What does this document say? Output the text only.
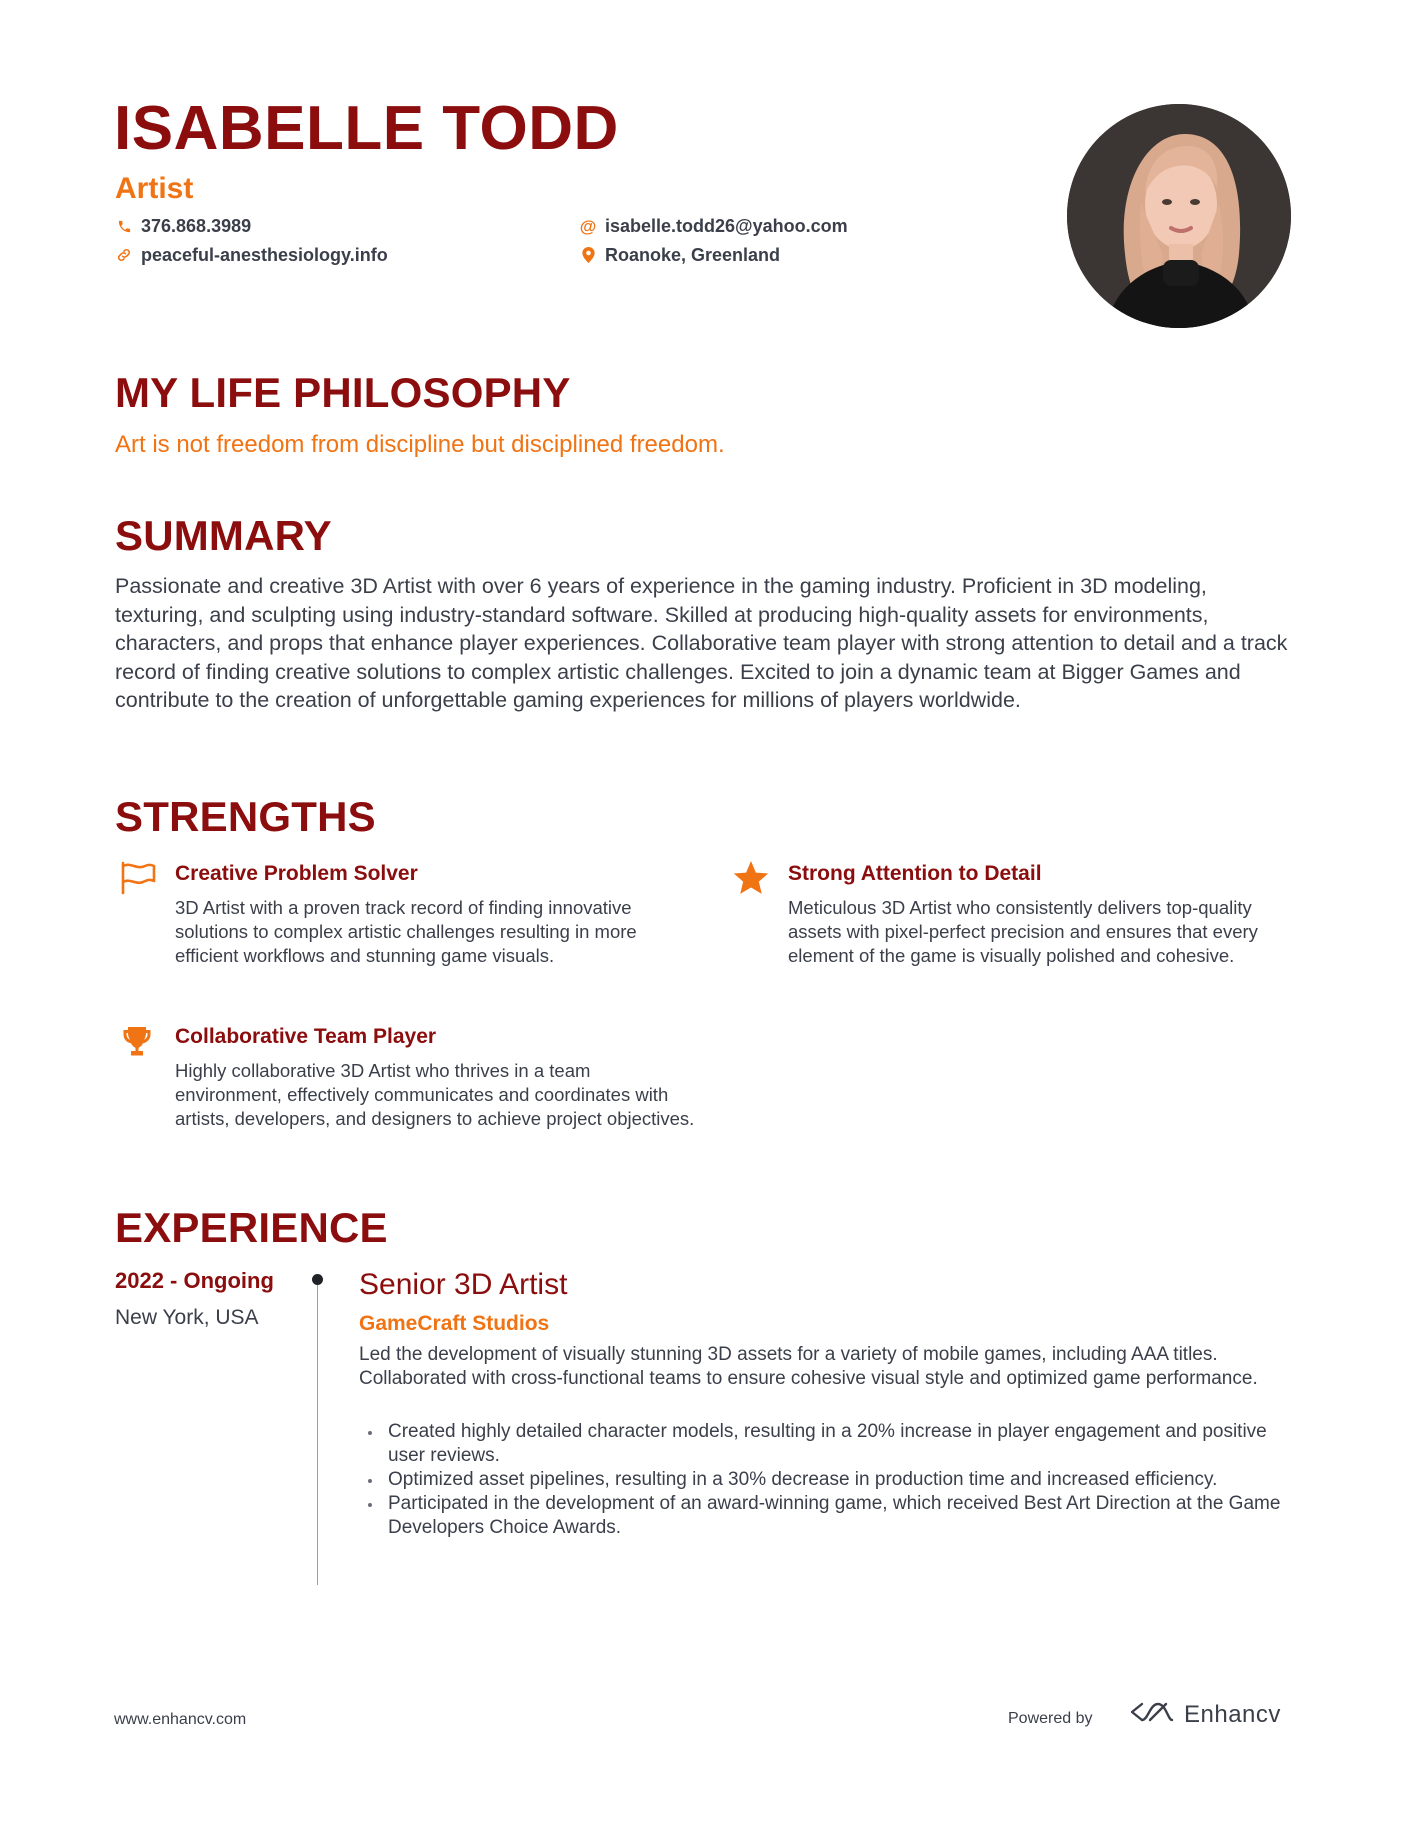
ISABELLE TODD
Artist
376.868.3989
peaceful-anesthesiology.info
@ isabelle.todd26@yahoo.com
Roanoke, Greenland
MY LIFE PHILOSOPHY
Art is not freedom from discipline but disciplined freedom.
SUMMARY
Passionate and creative 3D Artist with over 6 years of experience in the gaming industry. Proficient in 3D modeling, texturing, and sculpting using industry-standard software. Skilled at producing high-quality assets for environments, characters, and props that enhance player experiences. Collaborative team player with strong attention to detail and a track record of finding creative solutions to complex artistic challenges. Excited to join a dynamic team at Bigger Games and contribute to the creation of unforgettable gaming experiences for millions of players worldwide.
STRENGTHS
Creative Problem Solver
3D Artist with a proven track record of finding innovative solutions to complex artistic challenges resulting in more efficient workflows and stunning game visuals.
Strong Attention to Detail
Meticulous 3D Artist who consistently delivers top-quality assets with pixel-perfect precision and ensures that every element of the game is visually polished and cohesive.
Collaborative Team Player
Highly collaborative 3D Artist who thrives in a team environment, effectively communicates and coordinates with artists, developers, and designers to achieve project objectives.
EXPERIENCE
2022 - Ongoing
New York, USA
Senior 3D Artist
GameCraft Studios
Led the development of visually stunning 3D assets for a variety of mobile games, including AAA titles. Collaborated with cross-functional teams to ensure cohesive visual style and optimized game performance.
Created highly detailed character models, resulting in a 20% increase in player engagement and positive user reviews.
Optimized asset pipelines, resulting in a 30% decrease in production time and increased efficiency.
Participated in the development of an award-winning game, which received Best Art Direction at the Game Developers Choice Awards.
www.enhancv.com	Powered by	Enhancv
